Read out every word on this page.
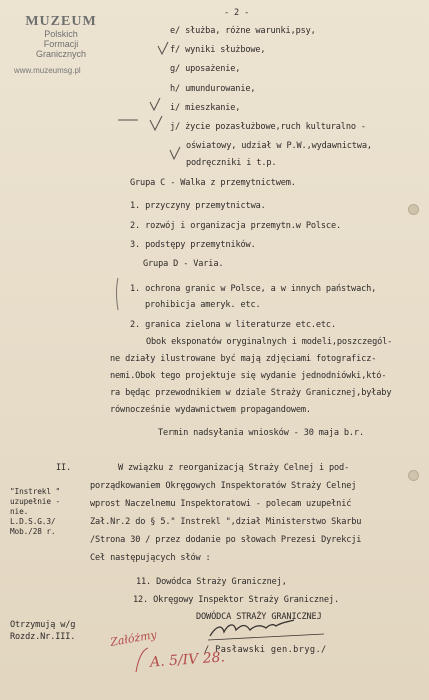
MUZEUM
Polskich
Formacji
Granicznych
www.muzeumsg.pl
- 2 -
e/ służba, różne warunki,psy,
f/ wyniki służbowe,
g/ uposażenie,
h/ umundurowanie,
i/ mieszkanie,
j/ życie pozasłużbowe,ruch kulturalno -
oświatowy, udział w P.W.,wydawnictwa,
podręczniki i t.p.
Grupa C - Walka z przemytnictwem.
1. przyczyny przemytnictwa.
2. rozwój i organizacja przemytn.w Polsce.
3. podstępy przemytników.
Grupa D - Varia.
1. ochrona granic w Polsce, a w innych państwach,
prohibicja ameryk. etc.
2. granica zielona w literaturze etc.etc.
Obok eksponatów oryginalnych i modeli,poszczegól-
ne działy ilustrowane być mają zdjęciami fotograficz-
nemi.Obok tego projektuje się wydanie jednodniówki,któ-
ra będąc przewodnikiem w dziale Straży Granicznej,byłaby
równocześnie wydawnictwem propagandowem.
Termin nadsyłania wniosków - 30 maja b.r.
II.
"Instrekl "
uzupełnie -
nie.
L.D.S.G.3/
Mob./28 r.
W związku z reorganizacją Straży Celnej i pod-
porządkowaniem Okręgowych Inspektoratów Straży Celnej
wprost Naczelnemu Inspektoratowi - polecam uzupełnić
Zał.Nr.2 do § 5." Instrekl ",dział Ministerstwo Skarbu
/Strona 30 / przez dodanie po słowach Prezesi Dyrekcji
Ceł następujących słów :
11. Dowódca Straży Granicznej,
12. Okręgowy Inspektor Straży Granicznej.
DOWÓDCA STRAŻY GRANICZNEJ
/ Pasławski gen.bryg./
Otrzymują w/g
Rozdz.Nr.III.	Załóżmy
A. 5/IV 28.
